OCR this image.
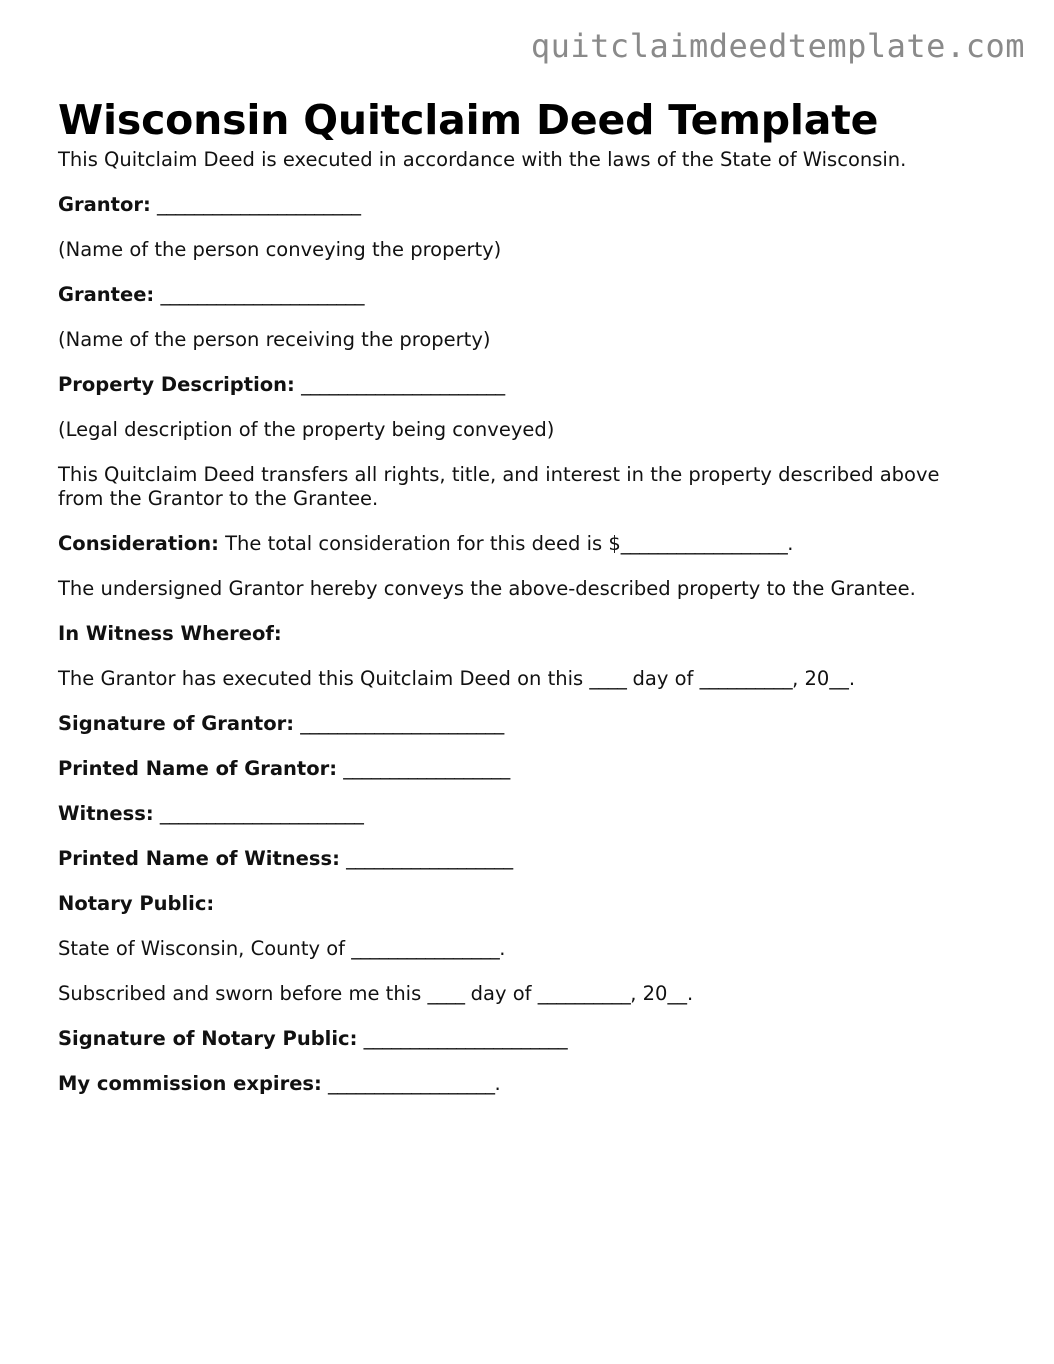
quitclaimdeedtemplate.com
Wisconsin Quitclaim Deed Template

This Quitclaim Deed is executed in accordance with the laws of the State of Wisconsin.

Grantor: ______________________

(Name of the person conveying the property)

Grantee: ______________________

(Name of the person receiving the property)

Property Description: ______________________

(Legal description of the property being conveyed)

This Quitclaim Deed transfers all rights, title, and interest in the property described above from the Grantor to the Grantee.

Consideration: The total consideration for this deed is $__________________.

The undersigned Grantor hereby conveys the above-described property to the Grantee.

In Witness Whereof:

The Grantor has executed this Quitclaim Deed on this ____ day of __________, 20__.

Signature of Grantor: ______________________

Printed Name of Grantor: __________________

Witness: ______________________

Printed Name of Witness: __________________

Notary Public:

State of Wisconsin, County of ________________.

Subscribed and sworn before me this ____ day of __________, 20__.

Signature of Notary Public: ______________________

My commission expires: __________________.
